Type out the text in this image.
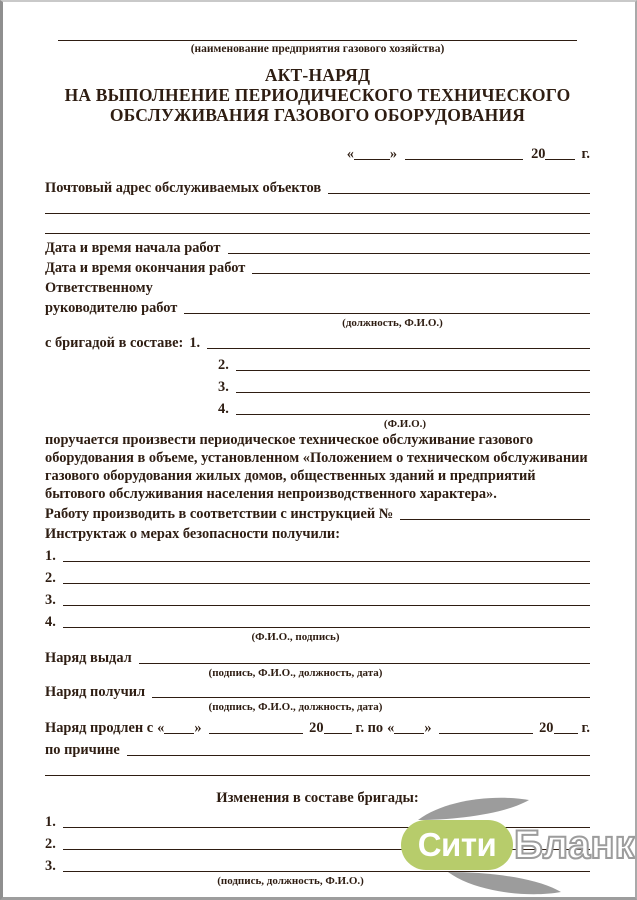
(наименование предприятия газового хозяйства)
АКТ-НАРЯД
НА ВЫПОЛНЕНИЕ ПЕРИОДИЧЕСКОГО ТЕХНИЧЕСКОГО
ОБСЛУЖИВАНИЯ ГАЗОВОГО ОБОРУДОВАНИЯ
«	»	20	г.
Почтовый адрес обслуживаемых объектов
Дата и время начала работ
Дата и время окончания работ
Ответственному
руководителю работ
(должность, Ф.И.О.)
с бригадой в составе: 1.
2.
3.
4.
(Ф.И.О.)
поручается произвести периодическое техническое обслуживание газового
оборудования в объеме, установленном «Положением о техническом обслуживании
газового оборудования жилых домов, общественных зданий и предприятий
бытового обслуживания населения непроизводственного характера».
Работу производить в соответствии с инструкцией №
Инструктаж о мерах безопасности получили:
1.
2.
3.
4.
(Ф.И.О., подпись)
Наряд выдал
(подпись, Ф.И.О., должность, дата)
Наряд получил
(подпись, Ф.И.О., должность, дата)
Наряд продлен с « »	20 г. по « »	20 г.
по причине
Изменения в составе бригады:
1.
2.
3.
(подпись, должность, Ф.И.О.)
Сити Бланк
